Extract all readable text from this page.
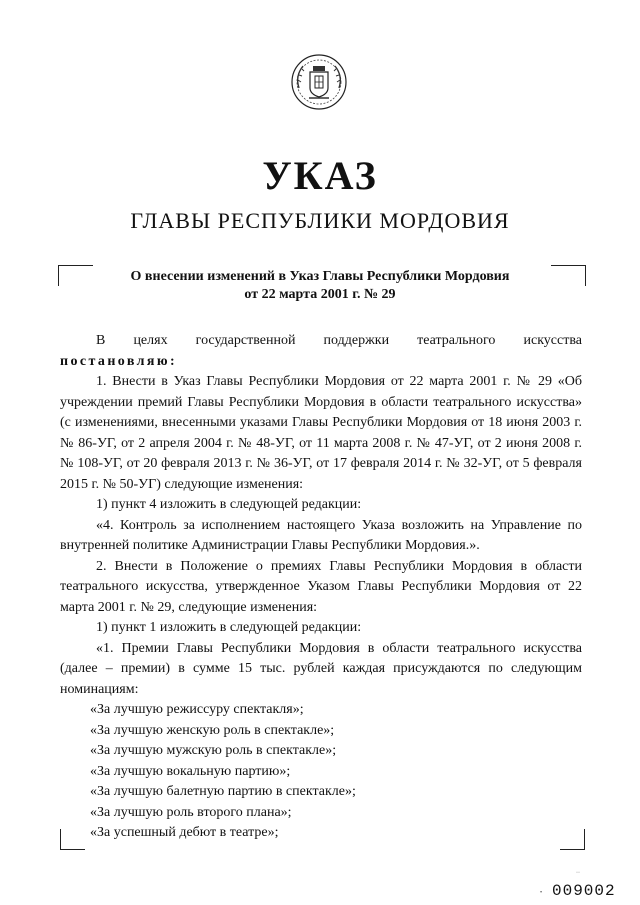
УКАЗ
ГЛАВЫ РЕСПУБЛИКИ МОРДОВИЯ
О внесении изменений в Указ Главы Республики Мордовия
от 22 марта 2001 г. № 29

В целях государственной поддержки театрального искусства

постановляю:

1. Внести в Указ Главы Республики Мордовия от 22 марта 2001 г. № 29 «Об учреждении премий Главы Республики Мордовия в области театрального искусства» (с изменениями, внесенными указами Главы Республики Мордовия от 18 июня 2003 г. № 86-УГ, от 2 апреля 2004 г. № 48-УГ, от 11 марта 2008 г. № 47-УГ, от 2 июня 2008 г. № 108-УГ, от 20 февраля 2013 г. № 36-УГ, от 17 февраля 2014 г. № 32-УГ, от 5 февраля 2015 г. № 50-УГ) следующие изменения:

1) пункт 4 изложить в следующей редакции:

«4. Контроль за исполнением настоящего Указа возложить на Управление по внутренней политике Администрации Главы Республики Мордовия.».

2. Внести в Положение о премиях Главы Республики Мордовия в области театрального искусства, утвержденное Указом Главы Республики Мордовия от 22 марта 2001 г. № 29, следующие изменения:

1) пункт 1 изложить в следующей редакции:

«1. Премии Главы Республики Мордовия в области театрального искусства (далее – премии) в сумме 15 тыс. рублей каждая присуждаются по следующим номинациям:

«За лучшую режиссуру спектакля»;

«За лучшую женскую роль в спектакле»;

«За лучшую мужскую роль в спектакле»;

«За лучшую вокальную партию»;

«За лучшую балетную партию в спектакле»;

«За лучшую роль второго плана»;

«За успешный дебют в театре»;

··
• 009002
